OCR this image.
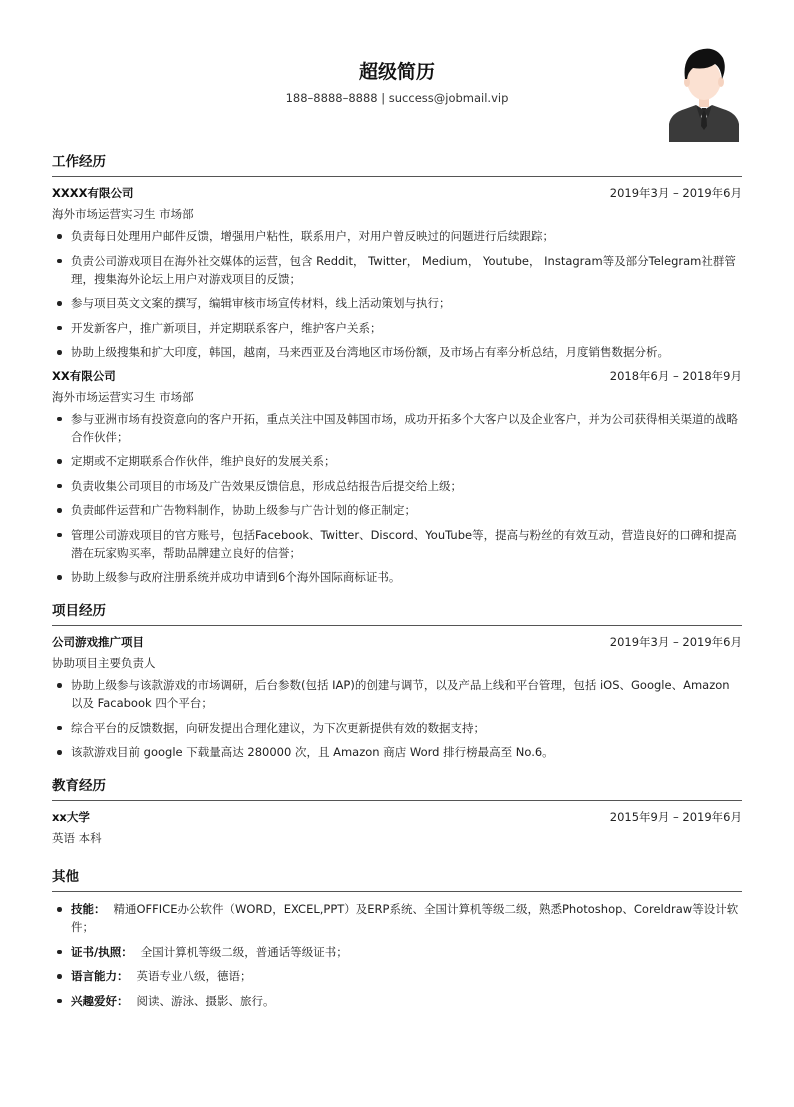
超级简历
188–8888–8888 | success@jobmail.vip
工作经历
XXXX有限公司	2019年3月 – 2019年6月
海外市场运营实习生 市场部
负责每日处理用户邮件反馈，增强用户粘性，联系用户，对用户曾反映过的问题进行后续跟踪；
负责公司游戏项目在海外社交媒体的运营，包含 Reddit， Twitter， Medium， Youtube， Instagram等及部分Telegram社群管理，搜集海外论坛上用户对游戏项目的反馈；
参与项目英文文案的撰写，编辑审核市场宣传材料，线上活动策划与执行；
开发新客户，推广新项目，并定期联系客户，维护客户关系；
协助上级搜集和扩大印度，韩国，越南，马来西亚及台湾地区市场份额，及市场占有率分析总结，月度销售数据分析。
XX有限公司	2018年6月 – 2018年9月
海外市场运营实习生 市场部
参与亚洲市场有投资意向的客户开拓，重点关注中国及韩国市场，成功开拓多个大客户以及企业客户，并为公司获得相关渠道的战略合作伙伴；
定期或不定期联系合作伙伴，维护良好的发展关系；
负责收集公司项目的市场及广告效果反馈信息，形成总结报告后提交给上级；
负责邮件运营和广告物料制作，协助上级参与广告计划的修正制定；
管理公司游戏项目的官方账号，包括Facebook、Twitter、Discord、YouTube等，提高与粉丝的有效互动，营造良好的口碑和提高潜在玩家购买率，帮助品牌建立良好的信誉；
协助上级参与政府注册系统并成功申请到6个海外国际商标证书。
项目经历
公司游戏推广项目	2019年3月 – 2019年6月
协助项目主要负责人
协助上级参与该款游戏的市场调研，后台参数(包括 IAP)的创建与调节，以及产品上线和平台管理，包括 iOS、Google、Amazon 以及 Facabook 四个平台；
综合平台的反馈数据，向研发提出合理化建议，为下次更新提供有效的数据支持；
该款游戏目前 google 下载量高达 280000 次，且 Amazon 商店 Word 排行榜最高至 No.6。
教育经历
xx大学	2015年9月 – 2019年6月
英语 本科
其他
技能： 精通OFFICE办公软件（WORD，EXCEL,PPT）及ERP系统、全国计算机等级二级，熟悉Photoshop、Coreldraw等设计软件；
证书/执照： 全国计算机等级二级，普通话等级证书；
语言能力： 英语专业八级，德语；
兴趣爱好： 阅读、游泳、摄影、旅行。
